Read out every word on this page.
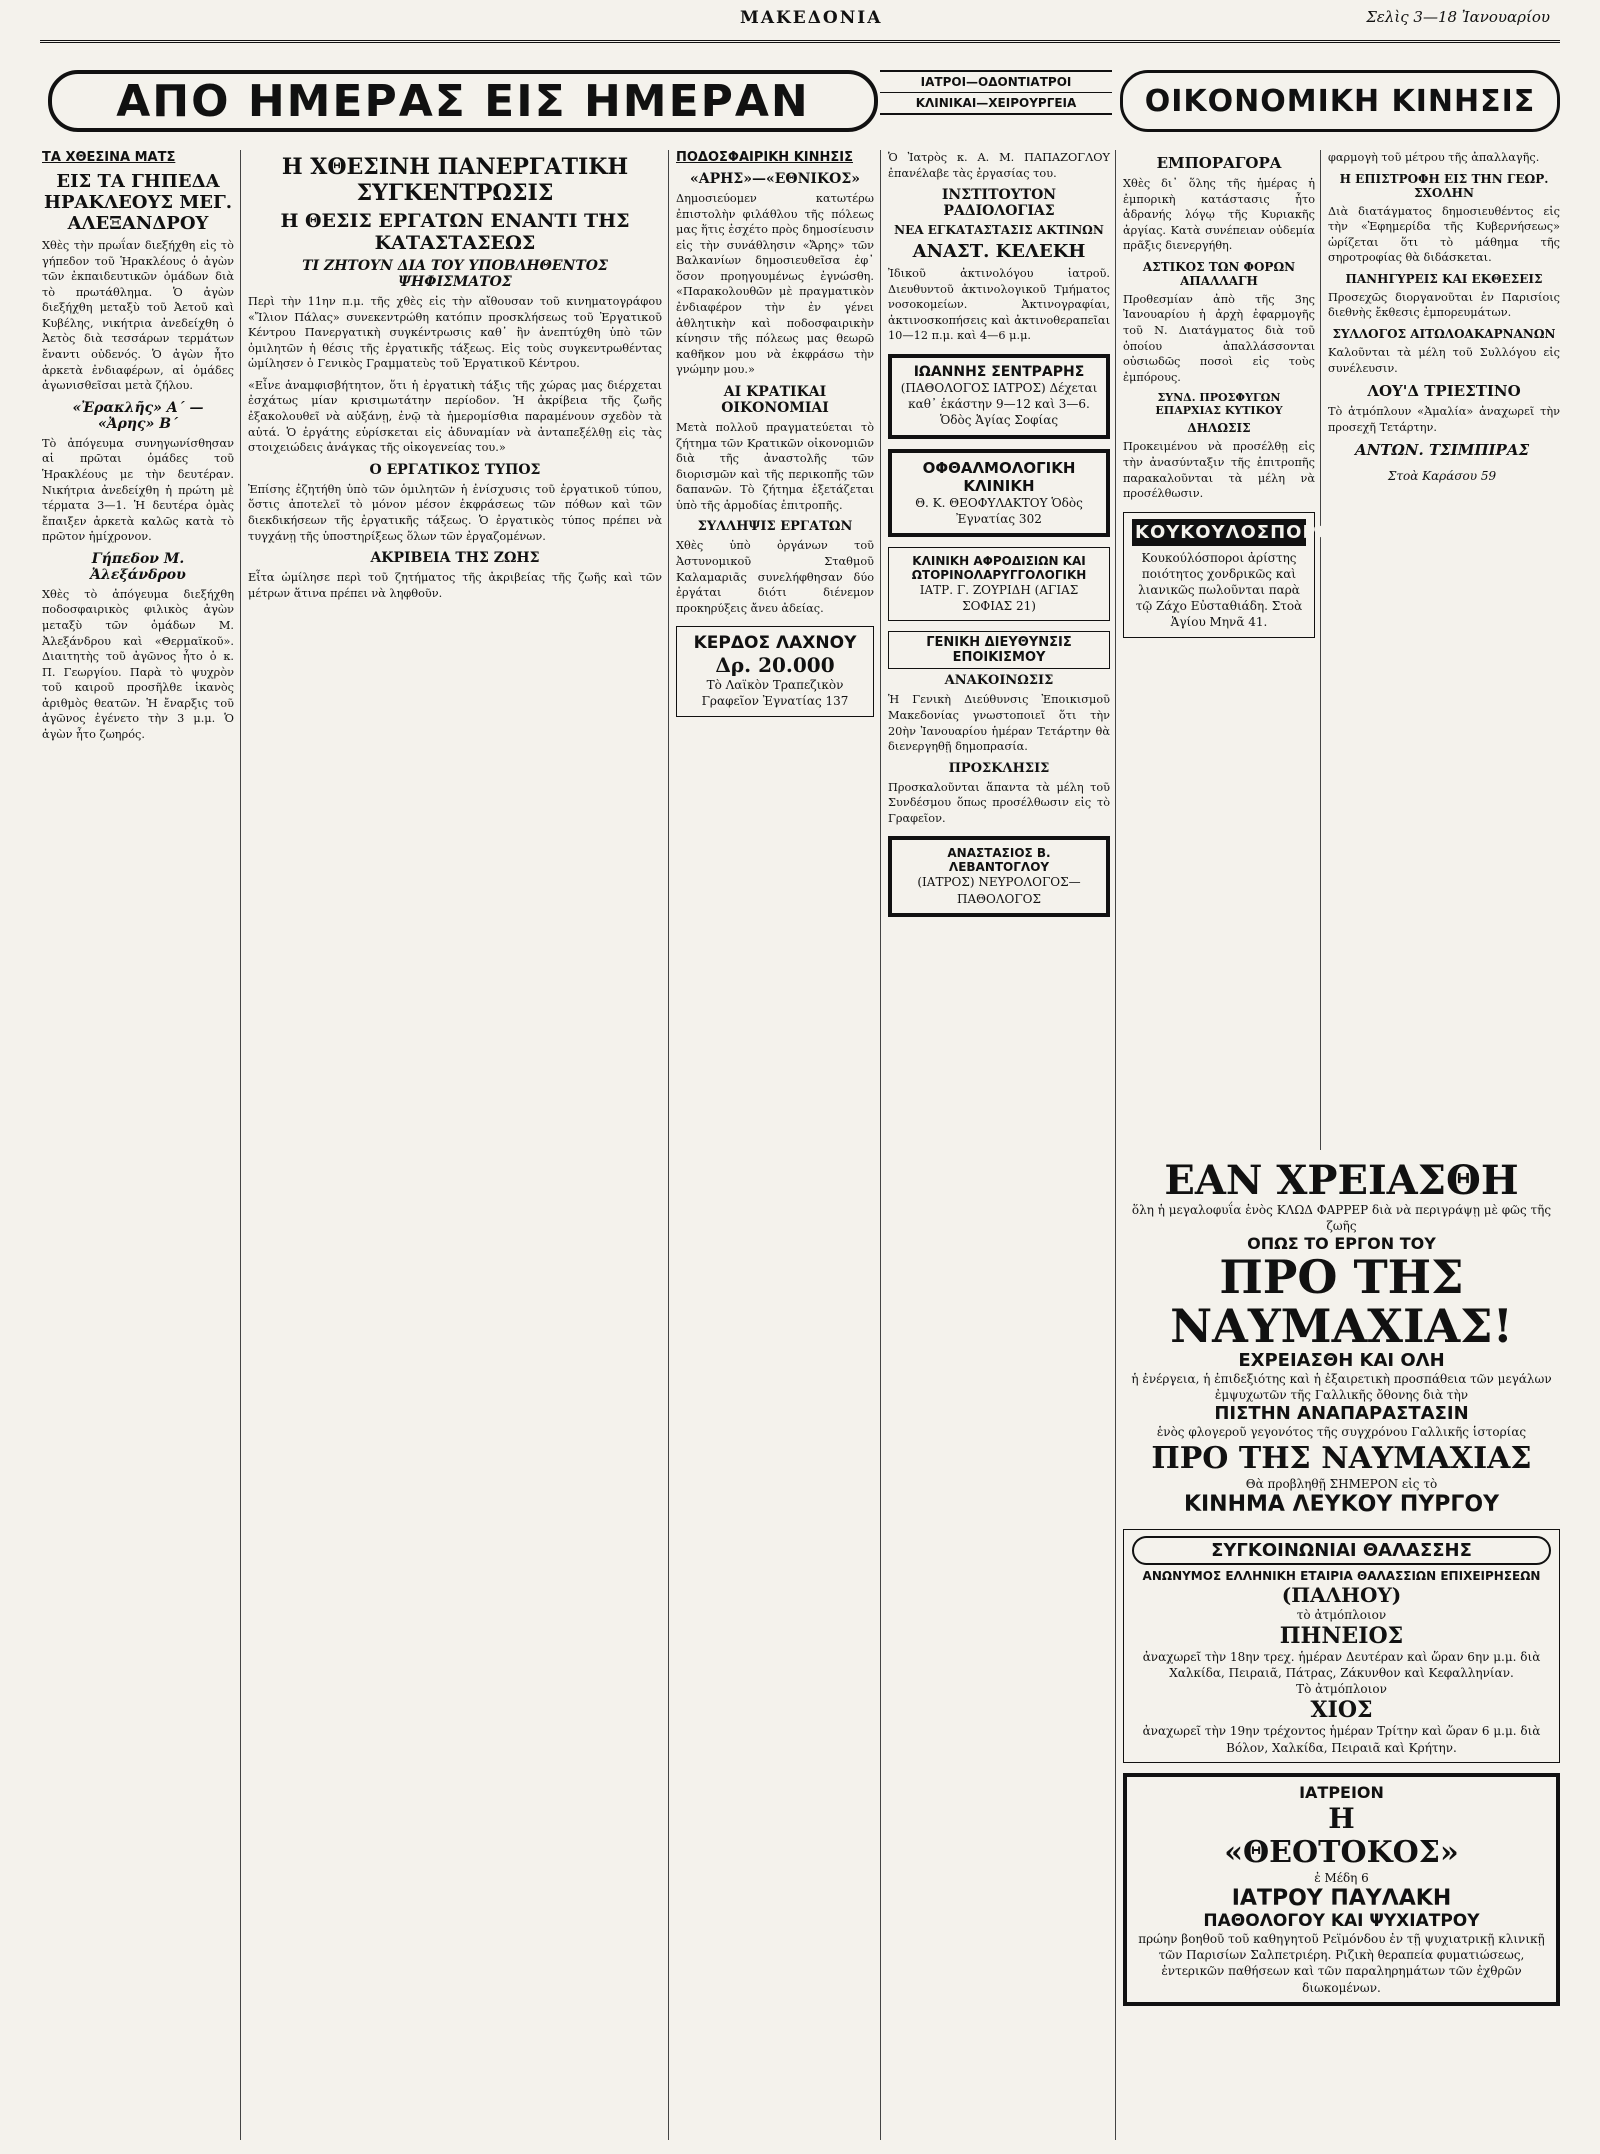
ΜΑΚΕΔΟΝΙΑ	Σελὶς 3—18 Ἰανουαρίου
ΑΠΟ ΗΜΕΡΑΣ ΕΙΣ ΗΜΕΡΑΝ	ΙΑΤΡΟΙ—ΟΔΟΝΤΙΑΤΡΟΙ
ΚΛΙΝΙΚΑΙ—ΧΕΙΡΟΥΡΓΕΙΑ	ΟΙΚΟΝΟΜΙΚΗ ΚΙΝΗΣΙΣ
ΤΑ ΧΘΕΣΙΝΑ ΜΑΤΣ
ΕΙΣ ΤΑ ΓΗΠΕΔΑ ΗΡΑΚΛΕΟΥΣ ΜΕΓ. ΑΛΕΞΑΝΔΡΟΥ

Χθὲς τὴν πρωΐαν διεξήχθη εἰς τὸ γήπεδον τοῦ Ἡρακλέους ὁ ἀγὼν τῶν ἐκπαιδευτικῶν ὁμάδων διὰ τὸ πρωτάθλημα. Ὁ ἀγὼν διεξήχθη μεταξὺ τοῦ Ἀετοῦ καὶ Κυβέλης, νικήτρια ἀνεδείχθη ὁ Ἀετὸς διὰ τεσσάρων τερμάτων ἔναντι οὐδενός. Ὁ ἀγὼν ἦτο ἀρκετὰ ἐνδιαφέρων, αἱ ὁμάδες ἀγωνισθεῖσαι μετὰ ζήλου.

«Ἐρακλῆς» Α΄ — «Ἀρης» Β΄

Τὸ ἀπόγευμα συνηγωνίσθησαν αἱ πρῶται ὁμάδες τοῦ Ἡρακλέους με τὴν δευτέραν. Νικήτρια ἀνεδείχθη ἡ πρώτη μὲ τέρματα 3—1. Ἡ δευτέρα ὁμὰς ἔπαιξεν ἀρκετὰ καλῶς κατὰ τὸ πρῶτον ἡμίχρονον.

Γήπεδον Μ. Ἀλεξάνδρου

Χθὲς τὸ ἀπόγευμα διεξήχθη ποδοσφαιρικὸς φιλικὸς ἀγὼν μεταξὺ τῶν ὁμάδων Μ. Ἀλεξάνδρου καὶ «Θερμαϊκοῦ». Διαιτητὴς τοῦ ἀγῶνος ἦτο ὁ κ. Π. Γεωργίου. Παρὰ τὸ ψυχρὸν τοῦ καιροῦ προσῆλθε ἱκανὸς ἀριθμὸς θεατῶν. Ἡ ἔναρξις τοῦ ἀγῶνος ἐγένετο τὴν 3 μ.μ. Ὁ ἀγὼν ἦτο ζωηρός.

Η ΧΘΕΣΙΝΗ ΠΑΝΕΡΓΑΤΙΚΗ ΣΥΓΚΕΝΤΡΩΣΙΣ
Η ΘΕΣΙΣ ΕΡΓΑΤΩΝ ΕΝΑΝΤΙ ΤΗΣ ΚΑΤΑΣΤΑΣΕΩΣ
ΤΙ ΖΗΤΟΥΝ ΔΙΑ ΤΟΥ ΥΠΟΒΛΗΘΕΝΤΟΣ ΨΗΦΙΣΜΑΤΟΣ

Περὶ τὴν 11ην π.μ. τῆς χθὲς εἰς τὴν αἴθουσαν τοῦ κινηματογράφου «Ἴλιον Πάλας» συνεκεντρώθη κατόπιν προσκλήσεως τοῦ Ἐργατικοῦ Κέντρου Πανεργατικὴ συγκέντρωσις καθ᾽ ἣν ἀνεπτύχθη ὑπὸ τῶν ὁμιλητῶν ἡ θέσις τῆς ἐργατικῆς τάξεως. Εἰς τοὺς συγκεντρωθέντας ὡμίλησεν ὁ Γενικὸς Γραμματεὺς τοῦ Ἐργατικοῦ Κέντρου.

«Εἶνε ἀναμφισβήτητον, ὅτι ἡ ἐργατικὴ τάξις τῆς χώρας μας διέρχεται ἐσχάτως μίαν κρισιμωτάτην περίοδον. Ἡ ἀκρίβεια τῆς ζωῆς ἐξακολουθεῖ νὰ αὐξάνῃ, ἐνῷ τὰ ἡμερομίσθια παραμένουν σχεδὸν τὰ αὐτά. Ὁ ἐργάτης εὑρίσκεται εἰς ἀδυναμίαν νὰ ἀνταπεξέλθῃ εἰς τὰς στοιχειώδεις ἀνάγκας τῆς οἰκογενείας του.»

Ο ΕΡΓΑΤΙΚΟΣ ΤΥΠΟΣ

Ἐπίσης ἐζητήθη ὑπὸ τῶν ὁμιλητῶν ἡ ἐνίσχυσις τοῦ ἐργατικοῦ τύπου, ὅστις ἀποτελεῖ τὸ μόνον μέσον ἐκφράσεως τῶν πόθων καὶ τῶν διεκδικήσεων τῆς ἐργατικῆς τάξεως. Ὁ ἐργατικὸς τύπος πρέπει νὰ τυγχάνῃ τῆς ὑποστηρίξεως ὅλων τῶν ἐργαζομένων.

ΑΚΡΙΒΕΙΑ ΤΗΣ ΖΩΗΣ

Εἶτα ὡμίλησε περὶ τοῦ ζητήματος τῆς ἀκριβείας τῆς ζωῆς καὶ τῶν μέτρων ἅτινα πρέπει νὰ ληφθοῦν.

ΠΟΔΟΣΦΑΙΡΙΚΗ ΚΙΝΗΣΙΣ
«ΑΡΗΣ»—«ΕΘΝΙΚΟΣ»

Δημοσιεύομεν κατωτέρω ἐπιστολὴν φιλάθλου τῆς πόλεως μας ἥτις ἐσχέτο πρὸς δημοσίευσιν εἰς τὴν συνάθλησιν «Ἄρης» τῶν Βαλκανίων δημοσιευθεῖσα ἐφ᾽ ὅσον προηγουμένως ἐγνώσθη. «Παρακολουθῶν μὲ πραγματικὸν ἐνδιαφέρον τὴν ἐν γένει ἀθλητικὴν καὶ ποδοσφαιρικὴν κίνησιν τῆς πόλεως μας θεωρῶ καθῆκον μου νὰ ἐκφράσω τὴν γνώμην μου.»

ΑΙ ΚΡΑΤΙΚΑΙ ΟΙΚΟΝΟΜΙΑΙ

Μετὰ πολλοῦ πραγματεύεται τὸ ζήτημα τῶν Κρατικῶν οἰκονομιῶν διὰ τῆς ἀναστολῆς τῶν διορισμῶν καὶ τῆς περικοπῆς τῶν δαπανῶν. Τὸ ζήτημα ἐξετάζεται ὑπὸ τῆς ἁρμοδίας ἐπιτροπῆς.

ΣΥΛΛΗΨΙΣ ΕΡΓΑΤΩΝ

Χθὲς ὑπὸ ὀργάνων τοῦ Ἀστυνομικοῦ Σταθμοῦ Καλαμαριᾶς συνελήφθησαν δύο ἐργάται διότι διένεμον προκηρύξεις ἄνευ ἀδείας.

ΚΕΡΔΟΣ ΛΑΧΝΟΥ
Δρ. 20.000
Τὸ Λαϊκὸν Τραπεζικὸν Γραφεῖον Ἐγνατίας 137

Ὁ Ἰατρὸς κ. Α. Μ. ΠΑΠΑΖΟΓΛΟΥ ἐπανέλαβε τὰς ἐργασίας του.

ΙΝΣΤΙΤΟΥΤΟΝ ΡΑΔΙΟΛΟΓΙΑΣ
ΝΕΑ ΕΓΚΑΤΑΣΤΑΣΙΣ ΑΚΤΙΝΩΝ
ΑΝΑΣΤ. ΚΕΛΕΚΗ

Ἰδικοῦ ἀκτινολόγου ἰατροῦ. Διευθυντοῦ ἀκτινολογικοῦ Τμήματος νοσοκομείων. Ἀκτινογραφίαι, ἀκτινοσκοπήσεις καὶ ἀκτινοθεραπεῖαι 10—12 π.μ. καὶ 4—6 μ.μ.

ΙΩΑΝΝΗΣ ΣΕΝΤΡΑΡΗΣ
(ΠΑΘΟΛΟΓΟΣ ΙΑΤΡΟΣ) Δέχεται καθ᾽ ἑκάστην 9—12 καὶ 3—6. Ὁδὸς Ἁγίας Σοφίας
ΟΦΘΑΛΜΟΛΟΓΙΚΗ ΚΛΙΝΙΚΗ
Θ. Κ. ΘΕΟΦΥΛΑΚΤΟΥ Ὁδὸς Ἐγνατίας 302
ΚΛΙΝΙΚΗ ΑΦΡΟΔΙΣΙΩΝ ΚΑΙ ΩΤΟΡΙΝΟΛΑΡΥΓΓΟΛΟΓΙΚΗ
ΙΑΤΡ. Γ. ΖΟΥΡΙΔΗ (ΑΓΙΑΣ ΣΟΦΙΑΣ 21)
ΓΕΝΙΚΗ ΔΙΕΥΘΥΝΣΙΣ ΕΠΟΙΚΙΣΜΟΥ
ΑΝΑΚΟΙΝΩΣΙΣ

Ἡ Γενικὴ Διεύθυνσις Ἐποικισμοῦ Μακεδονίας γνωστοποιεῖ ὅτι τὴν 20ὴν Ἰανουαρίου ἡμέραν Τετάρτην θὰ διενεργηθῇ δημοπρασία.

ΠΡΟΣΚΛΗΣΙΣ

Προσκαλοῦνται ἅπαντα τὰ μέλη τοῦ Συνδέσμου ὅπως προσέλθωσιν εἰς τὸ Γραφεῖον.

ΑΝΑΣΤΑΣΙΟΣ Β. ΛΕΒΑΝΤΟΓΛΟΥ
(ΙΑΤΡΟΣ) ΝΕΥΡΟΛΟΓΟΣ—ΠΑΘΟΛΟΓΟΣ
ΕΜΠΟΡΑΓΟΡΑ

Χθὲς δι᾽ ὅλης τῆς ἡμέρας ἡ ἐμπορικὴ κατάστασις ἦτο ἀδρανής λόγῳ τῆς Κυριακῆς ἀργίας. Κατὰ συνέπειαν οὐδεμία πρᾶξις διενεργήθη.

ΑΣΤΙΚΟΣ ΤΩΝ ΦΟΡΩΝ ΑΠΑΛΛΑΓΗ

Προθεσμίαν ἀπὸ τῆς 3ης Ἰανουαρίου ἡ ἀρχὴ ἐφαρμογῆς τοῦ Ν. Διατάγματος διὰ τοῦ ὁποίου ἀπαλλάσσονται οὐσιωδῶς ποσοὶ εἰς τοὺς ἐμπόρους.

ΣΥΝΔ. ΠΡΟΣΦΥΓΩΝ ΕΠΑΡΧΙΑΣ ΚΥΤΙΚΟΥ
ΔΗΛΩΣΙΣ

Προκειμένου νὰ προσέλθῃ εἰς τὴν ἀνασύνταξιν τῆς ἐπιτροπῆς παρακαλοῦνται τὰ μέλη νὰ προσέλθωσιν.

ΚΟΥΚΟΥΛΟΣΠΟΡΟΙ
Κουκούλόσποροι ἀρίστης ποιότητος χονδρικῶς καὶ λιανικῶς πωλοῦνται παρὰ τῷ Ζάχο Εὐσταθιάδη. Στοὰ Ἁγίου Μηνᾶ 41.

φαρμογὴ τοῦ μέτρου τῆς ἀπαλλαγῆς.

Η ΕΠΙΣΤΡΟΦΗ ΕΙΣ ΤΗΝ ΓΕΩΡ. ΣΧΟΛΗΝ

Διὰ διατάγματος δημοσιευθέντος εἰς τὴν «Ἐφημερίδα τῆς Κυβερνήσεως» ὡρίζεται ὅτι τὸ μάθημα τῆς σηροτροφίας θὰ διδάσκεται.

ΠΑΝΗΓΥΡΕΙΣ ΚΑΙ ΕΚΘΕΣΕΙΣ

Προσεχῶς διοργανοῦται ἐν Παρισίοις διεθνὴς ἔκθεσις ἐμπορευμάτων.

ΣΥΛΛΟΓΟΣ ΑΙΤΩΛΟΑΚΑΡΝΑΝΩΝ

Καλοῦνται τὰ μέλη τοῦ Συλλόγου εἰς συνέλευσιν.

ΛΟΥ'Δ ΤΡΙΕΣΤΙΝΟ

Τὸ ἀτμόπλουν «Ἀμαλία» ἀναχωρεῖ τὴν προσεχῆ Τετάρτην.

ΑΝΤΩΝ. ΤΣΙΜΠΙΡΑΣ
Στοὰ Καράσου 59
ΕΑΝ ΧΡΕΙΑΣΘΗ
ὅλη ἡ μεγαλοφυΐα ἑνὸς ΚΛΩΔ ΦΑΡΡΕΡ διὰ νὰ περιγράψῃ μὲ φῶς τῆς ζωῆς
ΟΠΩΣ ΤΟ ΕΡΓΟΝ ΤΟΥ
ΠΡΟ ΤΗΣ ΝΑΥΜΑΧΙΑΣ!
ΕΧΡΕΙΑΣΘΗ ΚΑΙ ΟΛΗ
ἡ ἐνέργεια, ἡ ἐπιδεξιότης καὶ ἡ ἐξαιρετικὴ προσπάθεια τῶν μεγάλων ἐμψυχωτῶν τῆς Γαλλικῆς ὄθονης διὰ τὴν
ΠΙΣΤΗΝ ΑΝΑΠΑΡΑΣΤΑΣΙΝ
ἑνὸς φλογεροῦ γεγονότος τῆς συγχρόνου Γαλλικῆς ἱστορίας
ΠΡΟ ΤΗΣ ΝΑΥΜΑΧΙΑΣ
Θὰ προβληθῇ ΣΗΜΕΡΟΝ εἰς τὸ
ΚΙΝΗΜΑ ΛΕΥΚΟΥ ΠΥΡΓΟΥ
ΣΥΓΚΟΙΝΩΝΙΑΙ ΘΑΛΑΣΣΗΣ
ΑΝΩΝΥΜΟΣ ΕΛΛΗΝΙΚΗ ΕΤΑΙΡΙΑ ΘΑΛΑΣΣΙΩΝ ΕΠΙΧΕΙΡΗΣΕΩΝ
(ΠΑΛΗΟΥ)
τὸ ἀτμόπλοιον
ΠΗΝΕΙΟΣ
ἀναχωρεῖ τὴν 18ην τρεχ. ἡμέραν Δευτέραν καὶ ὥραν 6ην μ.μ. διὰ Χαλκίδα, Πειραιᾶ, Πάτρας, Ζάκυνθον καὶ Κεφαλληνίαν.
Τὸ ἀτμόπλοιον
ΧΙΟΣ
ἀναχωρεῖ τὴν 19ην τρέχοντος ἡμέραν Τρίτην καὶ ὥραν 6 μ.μ. διὰ Βόλον, Χαλκίδα, Πειραιᾶ καὶ Κρήτην.
ΙΑΤΡΕΙΟΝ
Η
«ΘΕΟΤΟΚΟΣ»
ἐ Μέδη 6
ΙΑΤΡΟΥ ΠΑΥΛΑΚΗ
ΠΑΘΟΛΟΓΟΥ ΚΑΙ ΨΥΧΙΑΤΡΟΥ
πρώην βοηθοῦ τοῦ καθηγητοῦ Ρεϊμόνδου ἐν τῇ ψυχιατρικῇ κλινικῇ τῶν Παρισίων Σαλπετριέρη. Ριζικὴ θεραπεία φυματιώσεως, ἐντερικῶν παθήσεων καὶ τῶν παραληρημάτων τῶν ἐχθρῶν διωκομένων.
